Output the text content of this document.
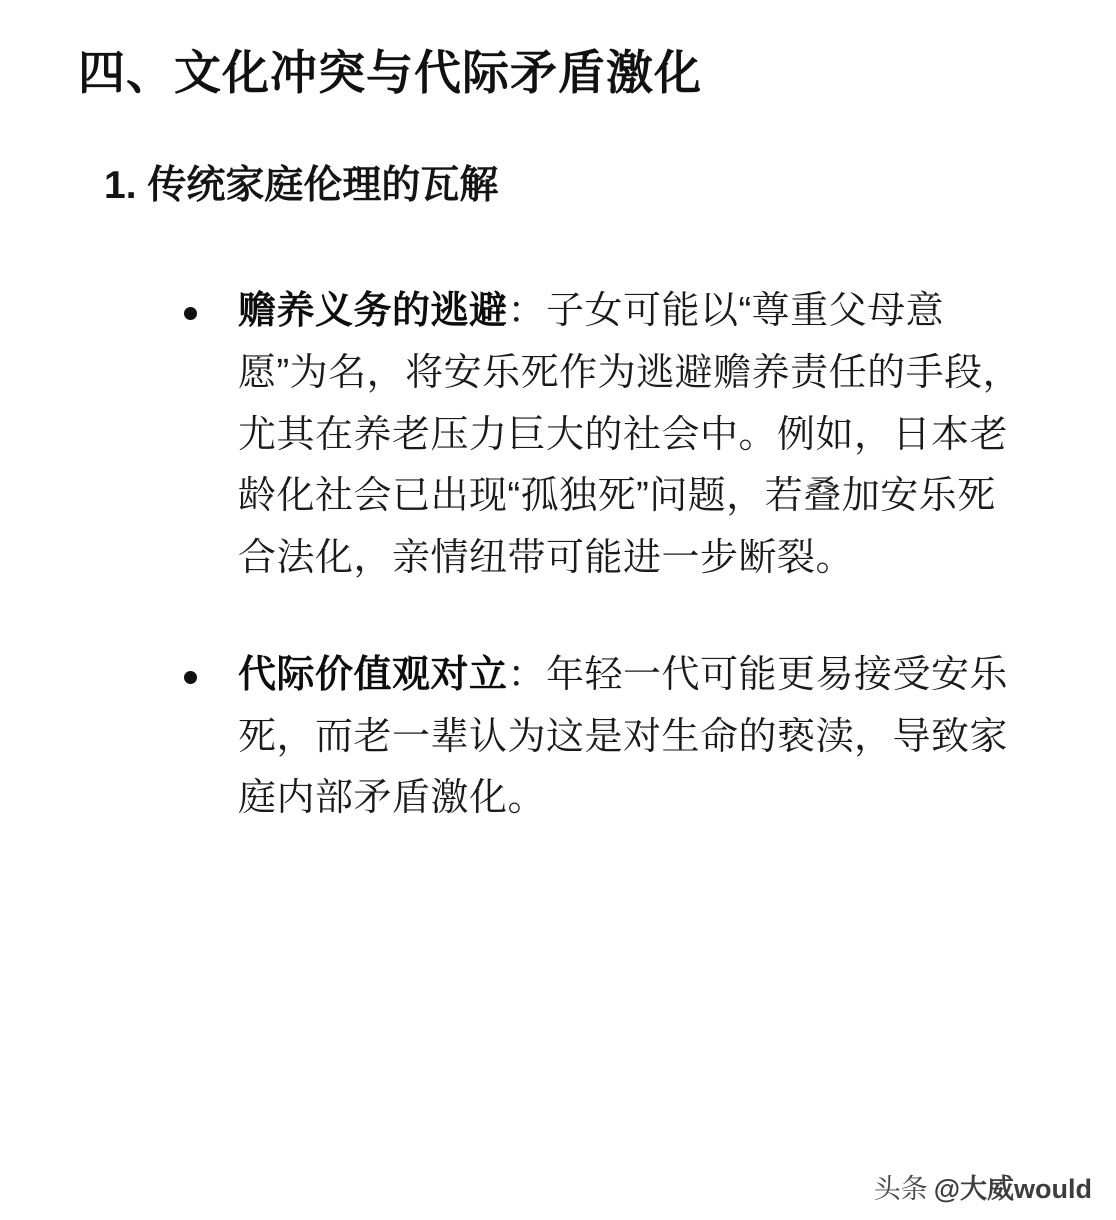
四、文化冲突与代际矛盾激化
1. 传统家庭伦理的瓦解
赡养义务的逃避：子女可能以“尊重父母意愿”为名，将安乐死作为逃避赡养责任的手段，尤其在养老压力巨大的社会中。例如，日本老龄化社会已出现“孤独死”问题，若叠加安乐死合法化，亲情纽带可能进一步断裂。
代际价值观对立：年轻一代可能更易接受安乐死，而老一辈认为这是对生命的亵渎，导致家庭内部矛盾激化。
头条 @大威would
